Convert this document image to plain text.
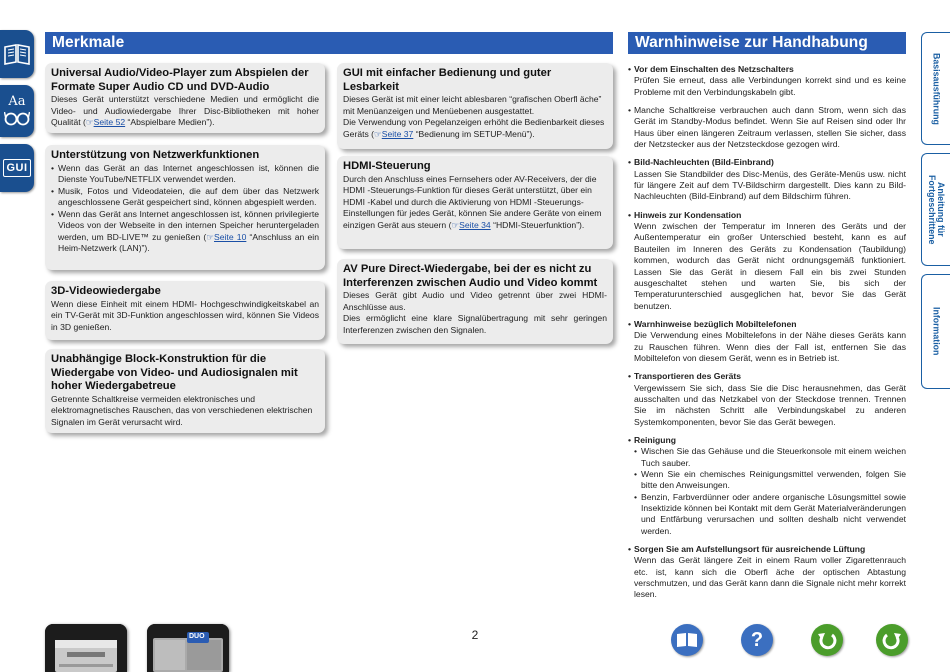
Aa
GUI
Basisausführung
Anleitung für
Fortgeschrittene
Information
Merkmale
Universal Audio/Video-Player zum Abspielen der Formate Super Audio CD und DVD-Audio
Dieses Gerät unterstützt verschiedene Medien und ermöglicht die Video- und Audiowiedergabe Ihrer Disc-Bibliotheken mit hoher Qualität (☞Seite 52 “Abspielbare Medien”).
Unterstützung von Netzwerkfunktionen
• Wenn das Gerät an das Internet angeschlossen ist, können die Dienste YouTube/NETFLIX verwendet werden.
• Musik, Fotos und Videodateien, die auf dem über das Netzwerk angeschlossene Gerät gespeichert sind, können abgespielt werden.
• Wenn das Gerät ans Internet angeschlossen ist, können privilegierte Videos von der Webseite in den internen Speicher heruntergeladen werden, um BD-LIVE™ zu genießen (☞Seite 10 “Anschluss an ein Heim-Netzwerk (LAN)”).
3D-Videowiedergabe
Wenn diese Einheit mit einem HDMI- Hochgeschwindigkeitskabel an ein TV-Gerät mit 3D-Funktion angeschlossen wird, können Sie Videos in 3D genießen.
Unabhängige Block-Konstruktion für die Wiedergabe von Video- und Audiosignalen mit hoher Wiedergabetreue
Getrennte Schaltkreise vermeiden elektronisches und elektromagnetisches Rauschen, das von verschiedenen elektrischen Signalen im Gerät verursacht wird.
GUI mit einfacher Bedienung und guter Lesbarkeit
Dieses Gerät ist mit einer leicht ablesbaren “grafischen Oberfl äche” mit Menüanzeigen und Menüebenen ausgestattet.
Die Verwendung von Pegelanzeigen erhöht die Bedienbarkeit dieses Geräts (☞Seite 37 “Bedienung im SETUP-Menü”).
HDMI-Steuerung
Durch den Anschluss eines Fernsehers oder AV-Receivers, der die HDMI -Steuerungs-Funktion für dieses Gerät unterstützt, über ein HDMI -Kabel und durch die Aktivierung von HDMI -Steuerungs-Einstellungen für jedes Gerät, können Sie andere Geräte von einem einzigen Gerät aus steuern (☞Seite 34 “HDMI-Steuerfunktion”).
AV Pure Direct-Wiedergabe, bei der es nicht zu Interferenzen zwischen Audio und Video kommt
Dieses Gerät gibt Audio und Video getrennt über zwei HDMI-Anschlüsse aus.
Dies ermöglicht eine klare Signalübertragung mit sehr geringen Interferenzen zwischen den Signalen.
Warnhinweise zur Handhabung
• Vor dem Einschalten des Netzschalters
Prüfen Sie erneut, dass alle Verbindungen korrekt sind und es keine Probleme mit den Verbindungskabeln gibt.
• Manche Schaltkreise verbrauchen auch dann Strom, wenn sich das Gerät im Standby-Modus befindet. Wenn Sie auf Reisen sind oder Ihr Haus über einen längeren Zeitraum verlassen, stellen Sie sicher, dass der Netzstecker aus der Netzsteckdose gezogen wird.
• Bild-Nachleuchten (Bild-Einbrand)
Lassen Sie Standbilder des Disc-Menüs, des Geräte-Menüs usw. nicht für längere Zeit auf dem TV-Bildschirm dargestellt. Dies kann zu Bild-Nachleuchten (Bild-Einbrand) auf dem Bildschirm führen.
• Hinweis zur Kondensation
Wenn zwischen der Temperatur im Inneren des Geräts und der Außentemperatur ein großer Unterschied besteht, kann es auf Bauteilen im Inneren des Geräts zu Kondensation (Taubildung) kommen, wodurch das Gerät nicht ordnungsgemäß funktioniert. Lassen Sie das Gerät in diesem Fall ein bis zwei Stunden ausgeschaltet stehen und warten Sie, bis sich der Temperaturunterschied ausgeglichen hat, bevor Sie das Gerät benutzen.
• Warnhinweise bezüglich Mobiltelefonen
Die Verwendung eines Mobiltelefons in der Nähe dieses Geräts kann zu Rauschen führen. Wenn dies der Fall ist, entfernen Sie das Mobiltelefon von diesem Gerät, wenn es in Betrieb ist.
• Transportieren des Geräts
Vergewissern Sie sich, dass Sie die Disc herausnehmen, das Gerät ausschalten und das Netzkabel von der Steckdose trennen. Trennen Sie im nächsten Schritt alle Verbindungskabel zu anderen Systemkomponenten, bevor Sie das Gerät bewegen.
• Reinigung
• Wischen Sie das Gehäuse und die Steuerkonsole mit einem weichen Tuch sauber.
• Wenn Sie ein chemisches Reinigungsmittel verwenden, folgen Sie bitte den Anweisungen.
• Benzin, Farbverdünner oder andere organische Lösungsmittel sowie Insektizide können bei Kontakt mit dem Gerät Materialveränderungen und Entfärbung verursachen und sollten deshalb nicht verwendet werden.
• Sorgen Sie am Aufstellungsort für ausreichende Lüftung
Wenn das Gerät längere Zeit in einem Raum voller Zigarettenrauch etc. ist, kann sich die Oberfl äche der optischen Abtastung verschmutzen, und das Gerät kann dann die Signale nicht mehr korrekt lesen.
DUO	2	?
